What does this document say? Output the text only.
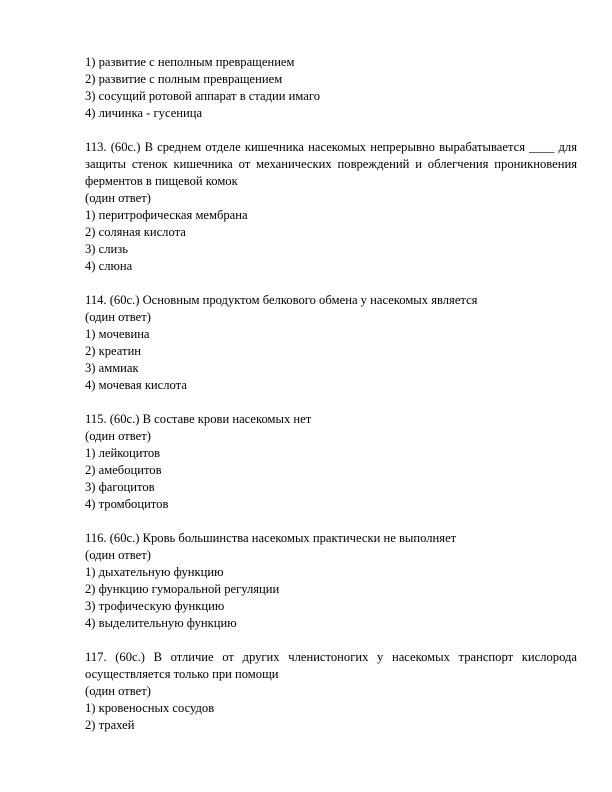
1) развитие с неполным превращением
2) развитие с полным превращением
3) сосущий ротовой аппарат в стадии имаго
4) личинка - гусеница
113. (60с.) В среднем отделе кишечника насекомых непрерывно вырабатывается ____ для защиты стенок кишечника от механических повреждений и облегчения проникновения ферментов в пищевой комок
(один ответ)
1) перитрофическая мембрана
2) соляная кислота
3) слизь
4) слюна
114. (60с.) Основным продуктом белкового обмена у насекомых является
(один ответ)
1) мочевина
2) креатин
3) аммиак
4) мочевая кислота
115. (60с.) В составе крови насекомых нет
(один ответ)
1) лейкоцитов
2) амебоцитов
3) фагоцитов
4) тромбоцитов
116. (60с.) Кровь большинства насекомых практически не выполняет
(один ответ)
1) дыхательную функцию
2) функцию гуморальной регуляции
3) трофическую функцию
4) выделительную функцию
117. (60с.) В отличие от других членистоногих у насекомых транспорт кислорода осуществляется только при помощи
(один ответ)
1) кровеносных сосудов
2) трахей
